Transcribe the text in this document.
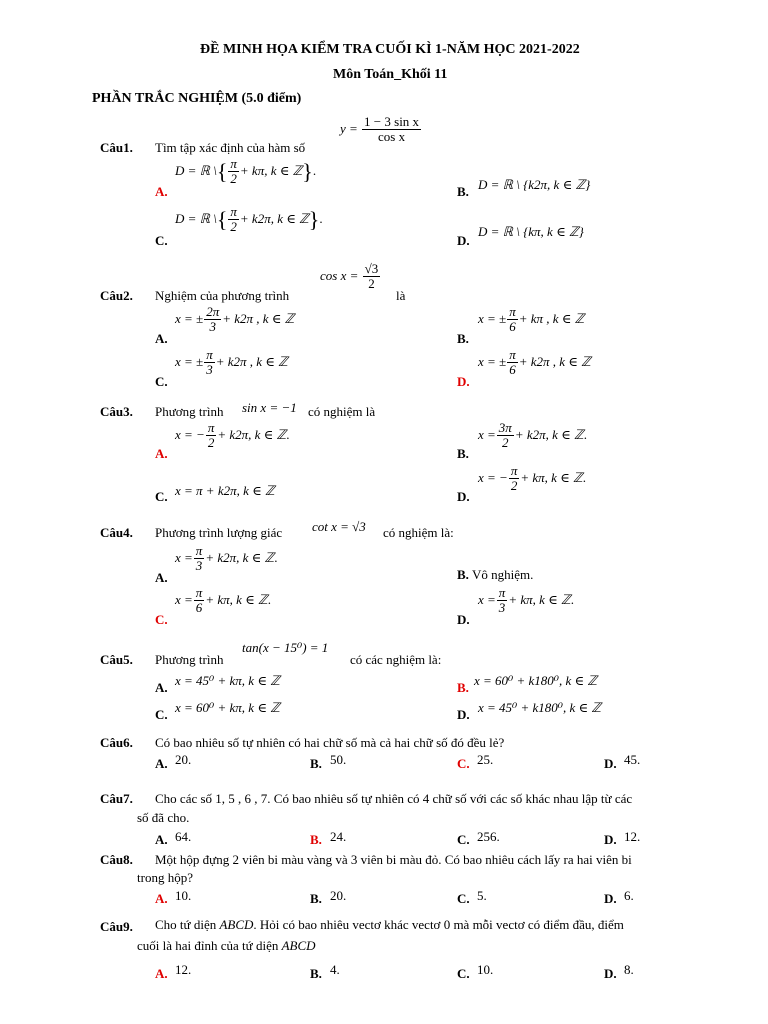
ĐỀ MINH HỌA KIỂM TRA CUỐI KÌ 1-NĂM HỌC 2021-2022
Môn Toán_Khối 11
PHẦN TRẮC NGHIỆM (5.0 điểm)
Câu1. Tìm tập xác định của hàm số
$y = \frac{\text{1 − 3 sin x}}{\text{cos x}}$
A.
D = ℝ \{ $\frac{\pi}{2} + k\pi$, k ∈ ℤ}.
B. D = ℝ \ {k2π, k ∈ ℤ}
C.
D = ℝ \{ $\frac{\pi}{2} + k2\pi$, k ∈ ℤ}.
D.
D = ℝ \ {kπ, k ∈ ℤ}
Câu2. Nghiệm của phương trình
$\cos x = \frac{√3}{2}$
là
A.
x = ± $\frac{2\pi}{3} + k2\pi$ , k ∈ ℤ
B.
x = ± $\frac{\pi}{6} + k\pi$ , k ∈ ℤ
C.
x = ± $\frac{\pi}{3} + k2\pi$ , k ∈ ℤ
D.
x = ± $\frac{\pi}{6} + k2\pi$ , k ∈ ℤ
Câu3. Phương trình sin x = −1 có nghiệm là
A.
x = − $\frac{\pi}{2} + k2\pi$, k ∈ ℤ.
B.
$x = \frac{3\pi}{2} + k2\pi$, k ∈ ℤ.
C. x = π + k2π, k ∈ ℤ	D.
x = − $\frac{\pi}{2} + k\pi$, k ∈ ℤ.
Câu4. Phương trình lượng giác cot x = √3 có nghiệm là:
A.
$x = \frac{\pi}{3} + k2\pi$, k ∈ ℤ.
B. Vô nghiệm.
C.
$x = \frac{\pi}{6} + k\pi$, k ∈ ℤ.
D.
$x = \frac{\pi}{3} + k\pi$, k ∈ ℤ.
Câu5. Phương trình
tan(x − 15⁰) = 1
có các nghiệm là:
A. x = 45⁰ + kπ, k ∈ ℤ	B. x = 60⁰ + k180⁰, k ∈ ℤ
C. x = 60⁰ + kπ, k ∈ ℤ	D. x = 45⁰ + k180⁰, k ∈ ℤ
Câu6. Có bao nhiêu số tự nhiên có hai chữ số mà cả hai chữ số đó đều lẻ?
A. 20.	B. 50.	C. 25.	D. 45.
Câu7. Cho các số 1, 5 , 6 , 7. Có bao nhiêu số tự nhiên có 4 chữ số với các số khác nhau lập từ các
số đã cho.
A. 64.	B. 24.	C. 256.	D. 12.
Câu8. Một hộp đựng 2 viên bi màu vàng và 3 viên bi màu đỏ. Có bao nhiêu cách lấy ra hai viên bi
trong hộp?
A. 10.	B. 20.	C. 5.	D. 6.
Câu9. Cho tứ diện ABCD. Hỏi có bao nhiêu vectơ khác vectơ 0 mà mỗi vectơ có điểm đầu, điểm
cuối là hai đỉnh của tứ diện ABCD
A. 12.	B. 4.	C. 10.	D. 8.
